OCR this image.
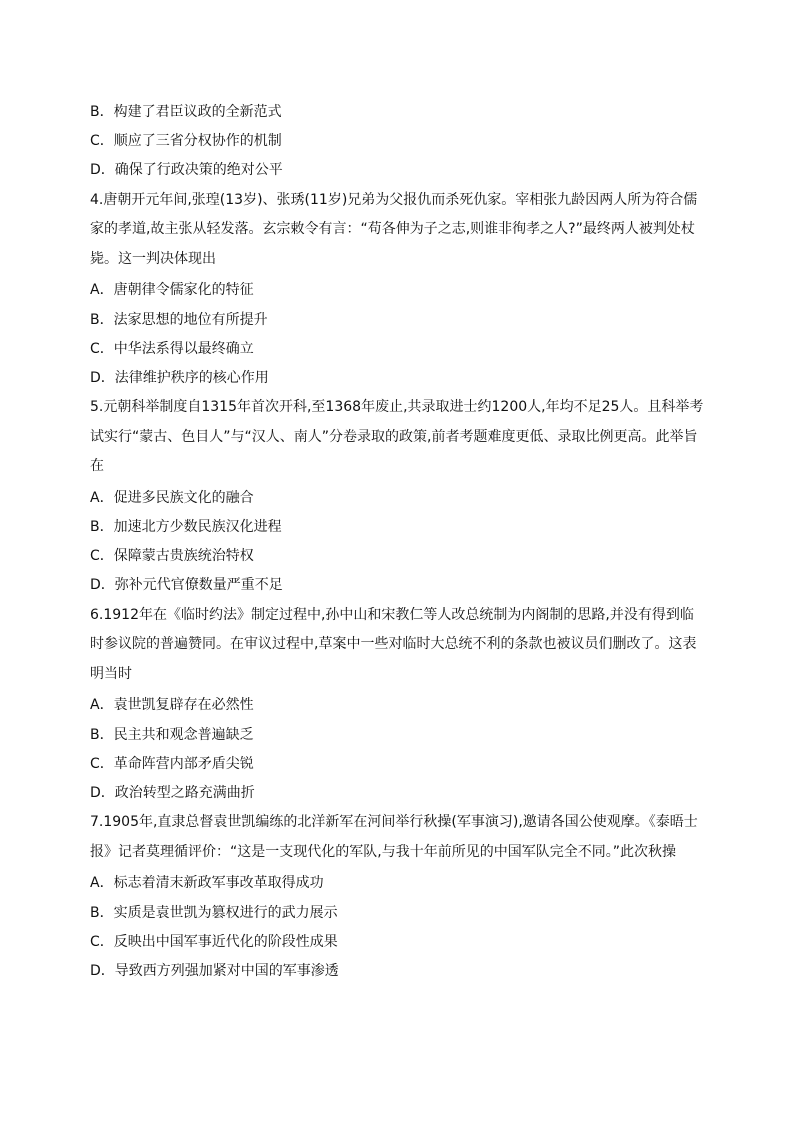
B．构建了君臣议政的全新范式
C．顺应了三省分权协作的机制
D．确保了行政决策的绝对公平
4.唐朝开元年间,张瑝(13岁)、张琇(11岁)兄弟为父报仇而杀死仇家。宰相张九龄因两人所为符合儒家的孝道,故主张从轻发落。玄宗敕令有言：“苟各伸为子之志,则谁非徇孝之人?”最终两人被判处杖毙。这一判决体现出
A．唐朝律令儒家化的特征
B．法家思想的地位有所提升
C．中华法系得以最终确立
D．法律维护秩序的核心作用
5.元朝科举制度自1315年首次开科,至1368年废止,共录取进士约1200人,年均不足25人。且科举考试实行“蒙古、色目人”与“汉人、南人”分卷录取的政策,前者考题难度更低、录取比例更高。此举旨在
A．促进多民族文化的融合
B．加速北方少数民族汉化进程
C．保障蒙古贵族统治特权
D．弥补元代官僚数量严重不足
6.1912年在《临时约法》制定过程中,孙中山和宋教仁等人改总统制为内阁制的思路,并没有得到临时参议院的普遍赞同。在审议过程中,草案中一些对临时大总统不利的条款也被议员们删改了。这表明当时
A．袁世凯复辟存在必然性
B．民主共和观念普遍缺乏
C．革命阵营内部矛盾尖锐
D．政治转型之路充满曲折
7.1905年,直隶总督袁世凯编练的北洋新军在河间举行秋操(军事演习),邀请各国公使观摩。《泰晤士报》记者莫理循评价：“这是一支现代化的军队,与我十年前所见的中国军队完全不同。”此次秋操
A．标志着清末新政军事改革取得成功
B．实质是袁世凯为篡权进行的武力展示
C．反映出中国军事近代化的阶段性成果
D．导致西方列强加紧对中国的军事渗透
